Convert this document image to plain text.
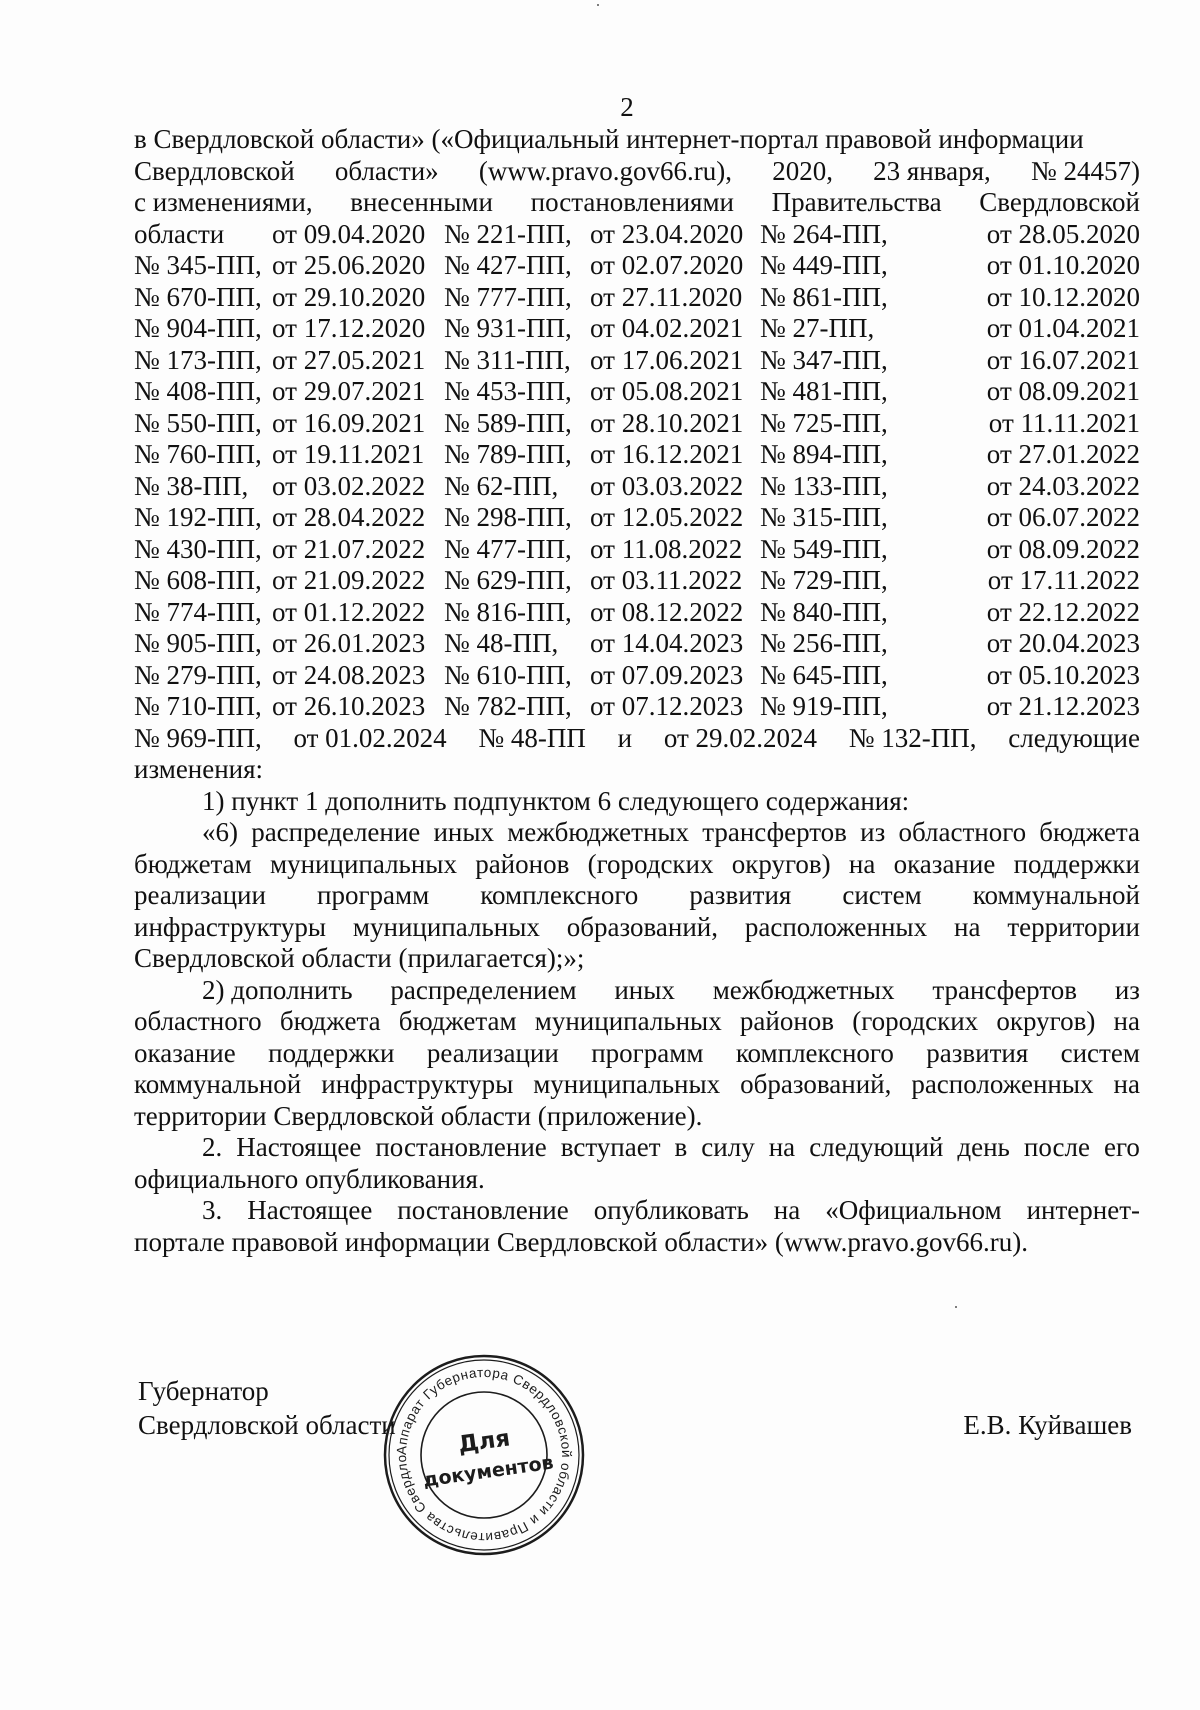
2
в Свердловской области» («Официальный интернет-портал правовой информации
Свердловской области» (www.pravo.gov66.ru), 2020, 23 января, № 24457)
с изменениями, внесенными постановлениями Правительства Свердловской
области	от 09.04.2020 № 221-ПП, от 23.04.2020 № 264-ПП,	от 28.05.2020
№ 345-ПП, от 25.06.2020 № 427-ПП, от 02.07.2020 № 449-ПП,	от 01.10.2020
№ 670-ПП, от 29.10.2020 № 777-ПП, от 27.11.2020 № 861-ПП,	от 10.12.2020
№ 904-ПП, от 17.12.2020 № 931-ПП, от 04.02.2021 № 27-ПП,	от 01.04.2021
№ 173-ПП, от 27.05.2021 № 311-ПП, от 17.06.2021 № 347-ПП,	от 16.07.2021
№ 408-ПП, от 29.07.2021 № 453-ПП, от 05.08.2021 № 481-ПП,	от 08.09.2021
№ 550-ПП, от 16.09.2021 № 589-ПП, от 28.10.2021 № 725-ПП,	от 11.11.2021
№ 760-ПП, от 19.11.2021 № 789-ПП, от 16.12.2021 № 894-ПП,	от 27.01.2022
№ 38-ПП, от 03.02.2022 № 62-ПП,	от 03.03.2022 № 133-ПП,	от 24.03.2022
№ 192-ПП, от 28.04.2022 № 298-ПП, от 12.05.2022 № 315-ПП,	от 06.07.2022
№ 430-ПП, от 21.07.2022 № 477-ПП, от 11.08.2022 № 549-ПП,	от 08.09.2022
№ 608-ПП, от 21.09.2022 № 629-ПП, от 03.11.2022 № 729-ПП,	от 17.11.2022
№ 774-ПП, от 01.12.2022 № 816-ПП, от 08.12.2022 № 840-ПП,	от 22.12.2022
№ 905-ПП, от 26.01.2023 № 48-ПП,	от 14.04.2023 № 256-ПП,	от 20.04.2023
№ 279-ПП, от 24.08.2023 № 610-ПП, от 07.09.2023 № 645-ПП,	от 05.10.2023
№ 710-ПП, от 26.10.2023 № 782-ПП, от 07.12.2023 № 919-ПП,	от 21.12.2023
№ 969-ПП, от 01.02.2024 № 48-ПП и от 29.02.2024 № 132-ПП, следующие
изменения:
1) пункт 1 дополнить подпунктом 6 следующего содержания:
«6) распределение иных межбюджетных трансфертов из областного бюджета
бюджетам муниципальных районов (городских округов) на оказание поддержки
реализации программ комплексного развития систем коммунальной
инфраструктуры муниципальных образований, расположенных на территории
Свердловской области (прилагается);»;
2) дополнить распределением иных межбюджетных трансфертов из
областного бюджета бюджетам муниципальных районов (городских округов) на
оказание поддержки реализации программ комплексного развития систем
коммунальной инфраструктуры муниципальных образований, расположенных на
территории Свердловской области (приложение).
2. Настоящее постановление вступает в силу на следующий день после его
официального опубликования.
3. Настоящее постановление опубликовать на «Официальном интернет-
портале правовой информации Свердловской области» (www.pravo.gov66.ru).
Губернатор
Свердловской области	Е.В. Куйвашев
Аппарат Губернатора Свердловской области и Правительства Свердло	Для
документов
